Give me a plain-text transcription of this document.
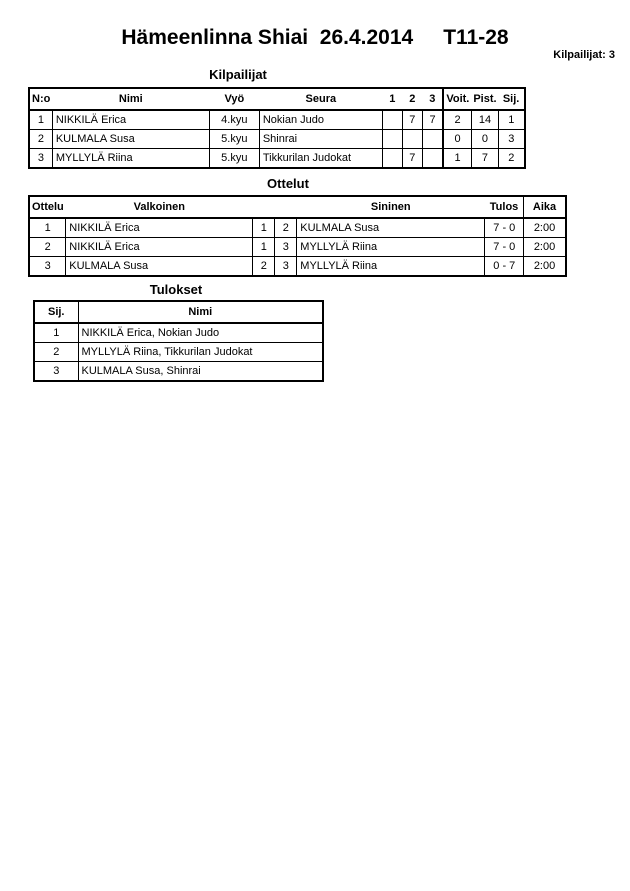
Hämeenlinna Shiai  26.4.2014 T11-28
Kilpailijat: 3
Kilpailijat
N:o	Nimi	Vyö	Seura	1	2	3	Voit.	Pist.	Sij.
1	NIKKILÄ Erica	4.kyu	Nokian Judo		7	7	2	14	1
2	KULMALA Susa	5.kyu	Shinrai				0	0	3
3	MYLLYLÄ Riina	5.kyu	Tikkurilan Judokat		7		1	7	2
Ottelut
Ottelu	Valkoinen			Sininen	Tulos	Aika
1	NIKKILÄ Erica	1	2	KULMALA Susa	7 - 0	2:00
2	NIKKILÄ Erica	1	3	MYLLYLÄ Riina	7 - 0	2:00
3	KULMALA Susa	2	3	MYLLYLÄ Riina	0 - 7	2:00
Tulokset
Sij.	Nimi
1	NIKKILÄ Erica, Nokian Judo
2	MYLLYLÄ Riina, Tikkurilan Judokat
3	KULMALA Susa, Shinrai
